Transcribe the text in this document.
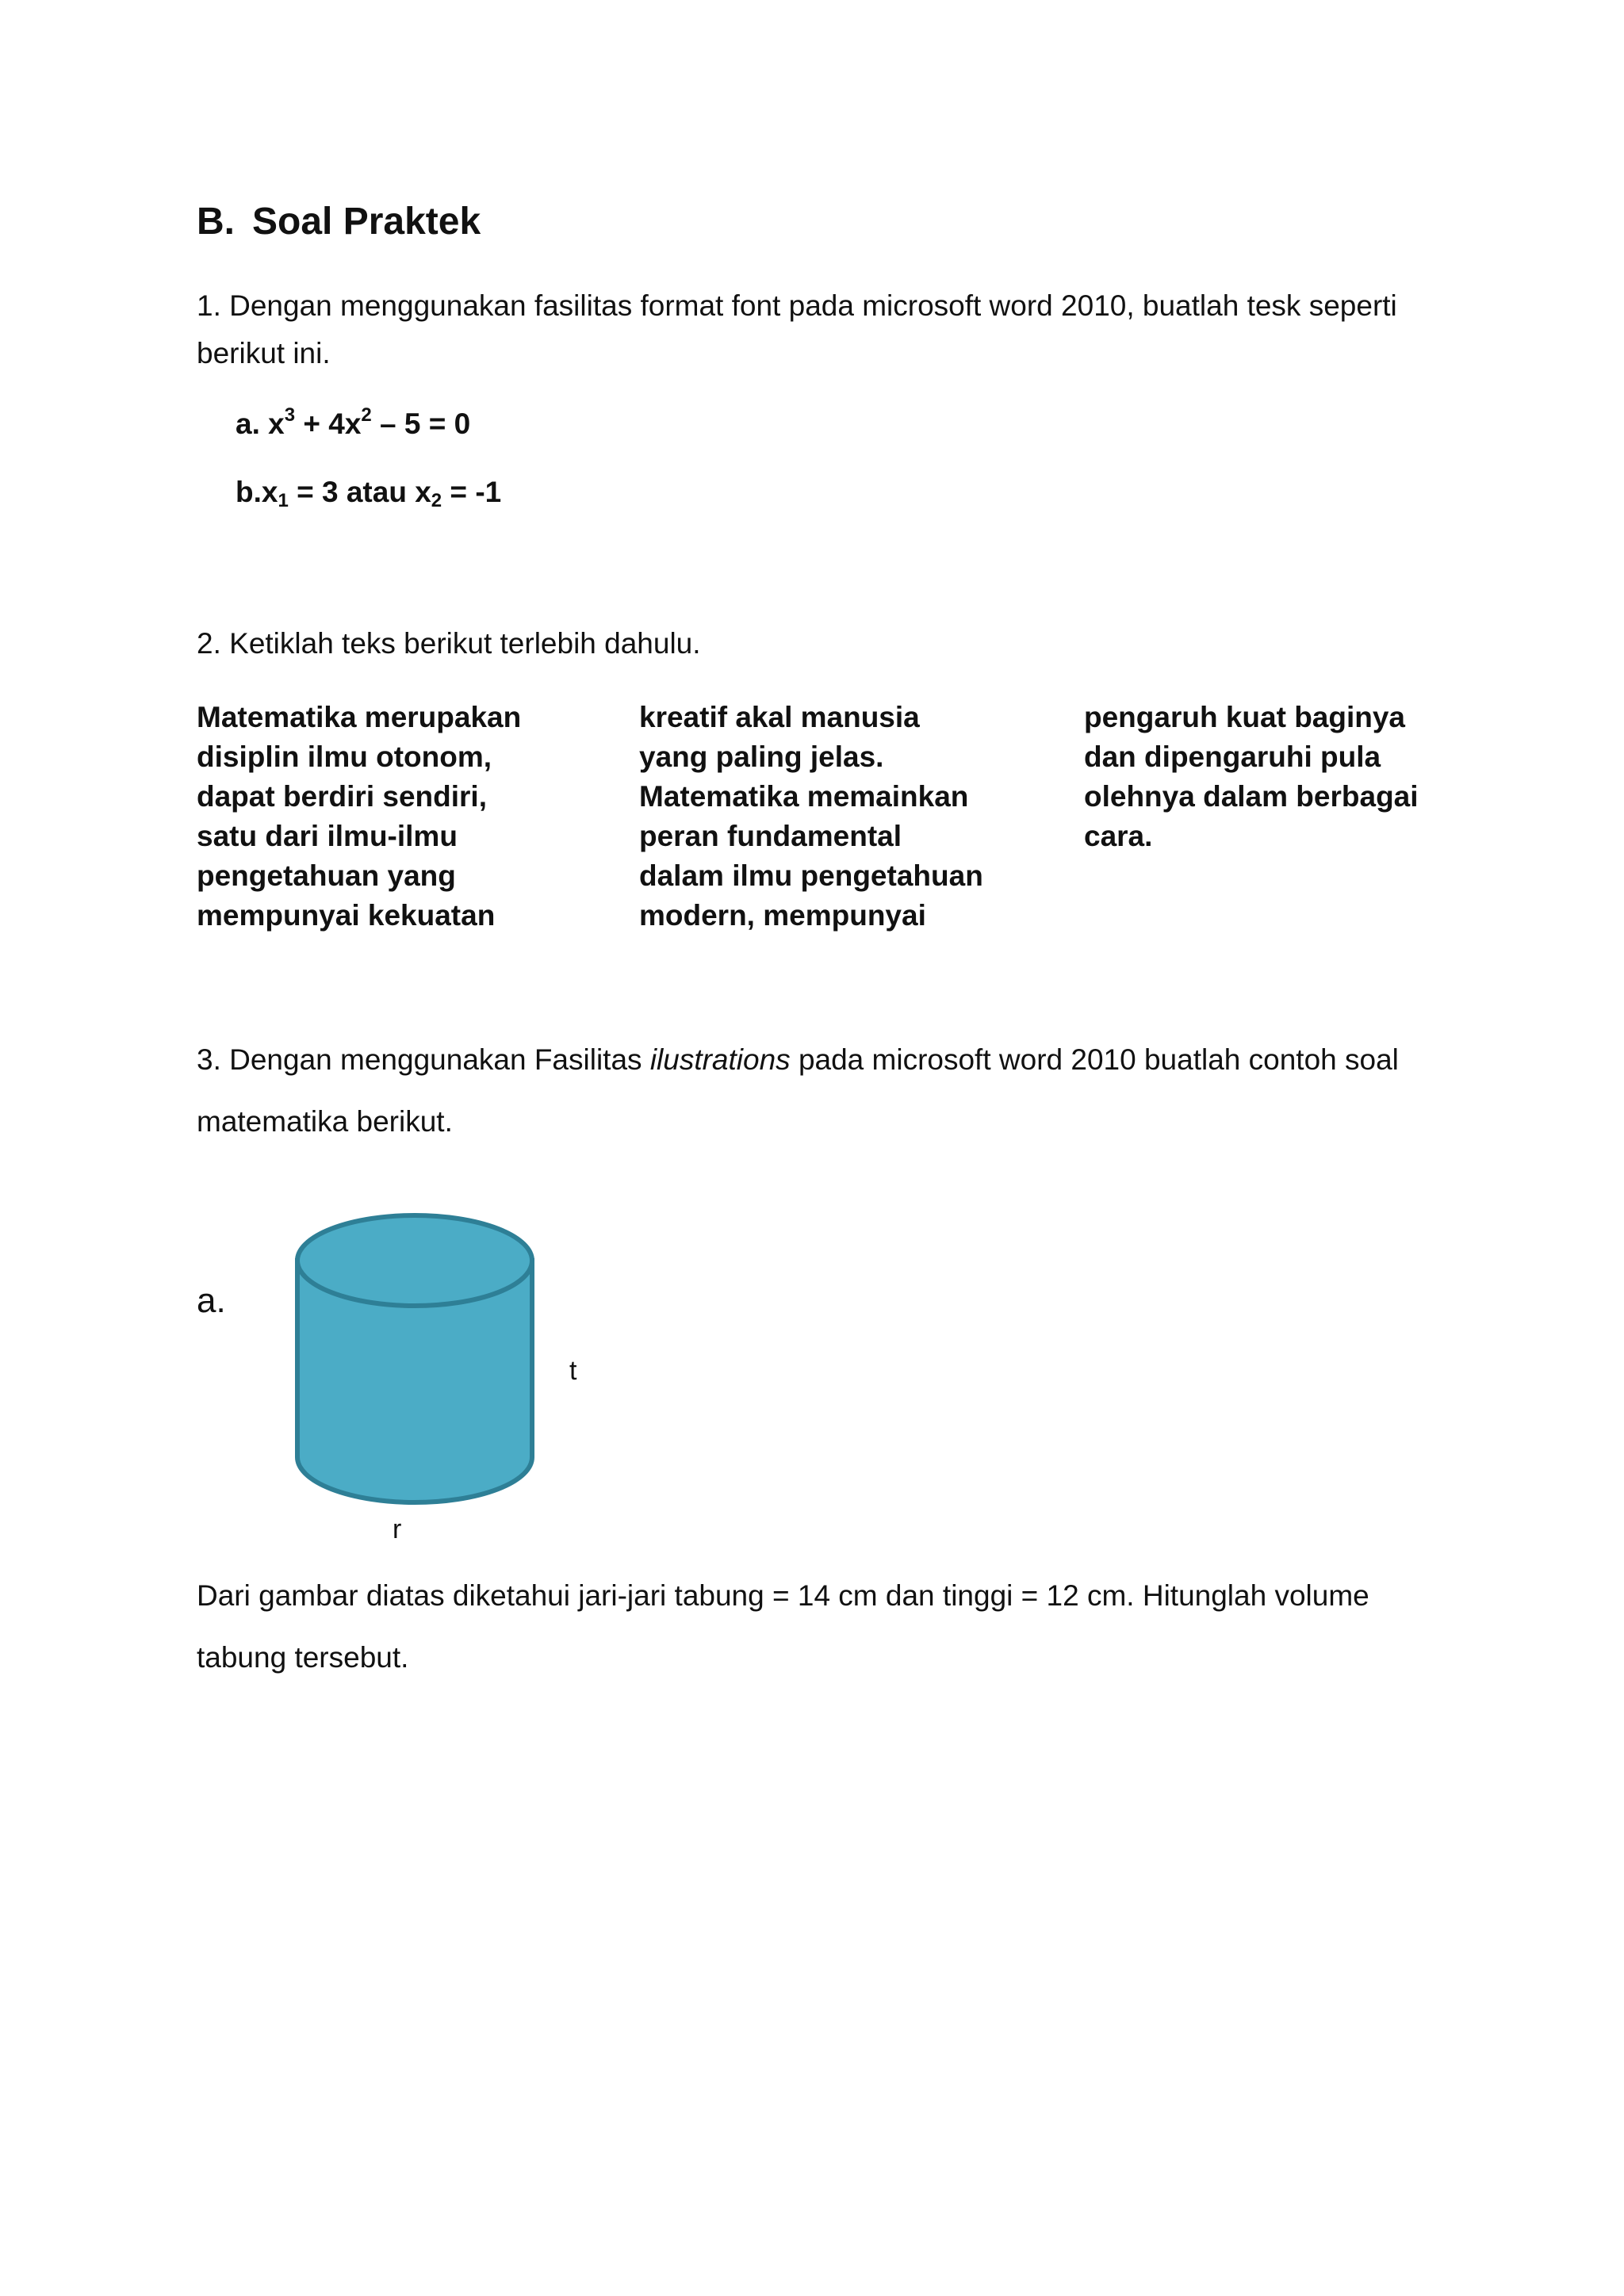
B. Soal Praktek
1. Dengan menggunakan fasilitas format font pada microsoft word 2010, buatlah tesk seperti berikut ini.
a. $x^3 + 4x^2 - 5 = 0$
$b.x_1 = 3$ atau $x_2 = -1$
2. Ketiklah teks berikut terlebih dahulu.
Matematika merupakan
disiplin ilmu otonom,
dapat berdiri sendiri,
satu dari ilmu-ilmu
pengetahuan yang
mempunyai kekuatan
kreatif akal manusia
yang paling jelas.
Matematika memainkan
peran fundamental
dalam ilmu pengetahuan
modern, mempunyai
pengaruh kuat baginya
dan dipengaruhi pula
olehnya dalam berbagai
cara.
3. Dengan menggunakan Fasilitas ilustrations pada microsoft word 2010 buatlah contoh soal matematika berikut.
a.
t
r
Dari gambar diatas diketahui jari-jari tabung = 14 cm dan tinggi = 12 cm. Hitunglah volume tabung tersebut.
